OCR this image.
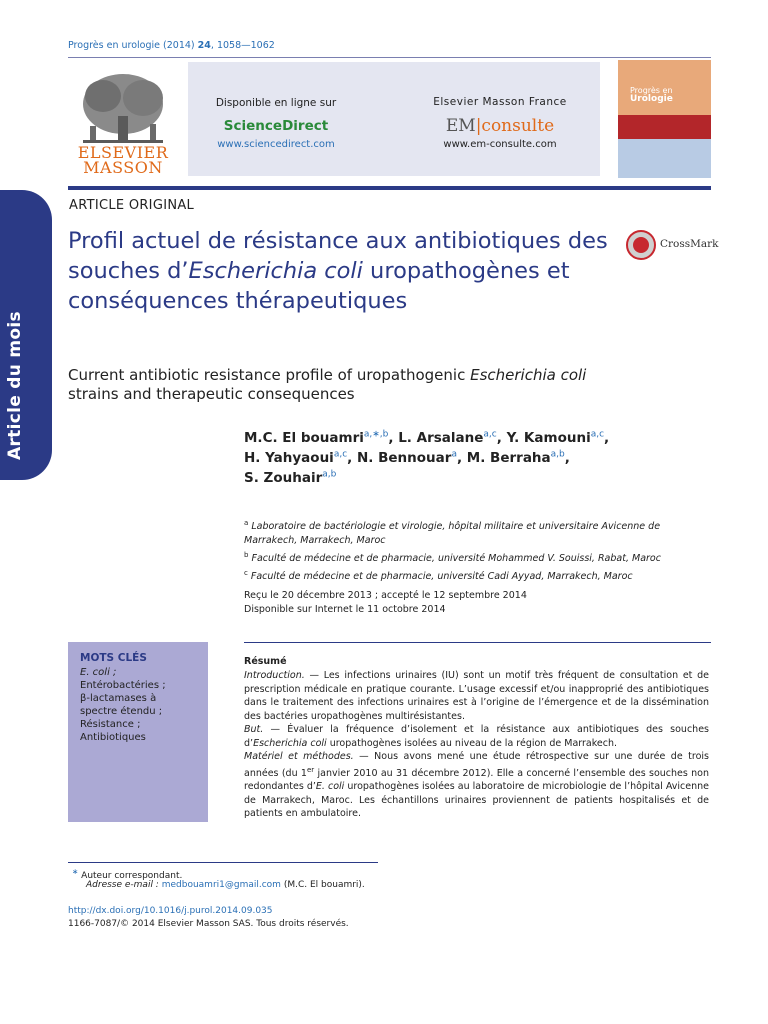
Progrès en urologie (2014) 24, 1058—1062
ELSEVIER
MASSON
Disponible en ligne sur
ScienceDirect
www.sciencedirect.com
Elsevier Masson France
EM|consulte
www.em-consulte.com
Progrès en
Urologie
Article du mois
ARTICLE ORIGINAL
Profil actuel de résistance aux antibiotiques des souches d’Escherichia coli uropathogènes et conséquences thérapeutiques
CrossMark
Current antibiotic resistance profile of uropathogenic Escherichia coli strains and therapeutic consequences
M.C. El bouamri$^{a,∗,b}$, L. Arsalane$^{a,c}$, Y. Kamouni$^{a,c}$,
H. Yahyaoui$^{a,c}$, N. Bennouar$^a$, M. Berraha$^{a,b}$,
S. Zouhair$^{a,b}$
$^a$ Laboratoire de bactériologie et virologie, hôpital militaire et universitaire Avicenne de Marrakech, Marrakech, Maroc
$^b$ Faculté de médecine et de pharmacie, université Mohammed V. Souissi, Rabat, Maroc
$^c$ Faculté de médecine et de pharmacie, université Cadi Ayyad, Marrakech, Maroc
Reçu le 20 décembre 2013 ; accepté le 12 septembre 2014
Disponible sur Internet le 11 octobre 2014
MOTS CLÉS
E. coli ;
Entérobactéries ;
β-lactamases à
spectre étendu ;
Résistance ;
Antibiotiques
Résumé

Introduction. — Les infections urinaires (IU) sont un motif très fréquent de consultation et de prescription médicale en pratique courante. L’usage excessif et/ou inapproprié des antibiotiques dans le traitement des infections urinaires est à l’origine de l’émergence et de la dissémination des bactéries uropathogènes multirésistantes.

But. — Évaluer la fréquence d’isolement et la résistance aux antibiotiques des souches d’Escherichia coli uropathogènes isolées au niveau de la région de Marrakech.

Matériel et méthodes. — Nous avons mené une étude rétrospective sur une durée de trois années (du 1er janvier 2010 au 31 décembre 2012). Elle a concerné l’ensemble des souches non redondantes d’E. coli uropathogènes isolées au laboratoire de microbiologie de l’hôpital Avicenne de Marrakech, Maroc. Les échantillons urinaires proviennent de patients hospitalisés et de patients en ambulatoire.

∗ Auteur correspondant.
Adresse e-mail : medbouamri1@gmail.com (M.C. El bouamri).
http://dx.doi.org/10.1016/j.purol.2014.09.035
1166-7087/© 2014 Elsevier Masson SAS. Tous droits réservés.
